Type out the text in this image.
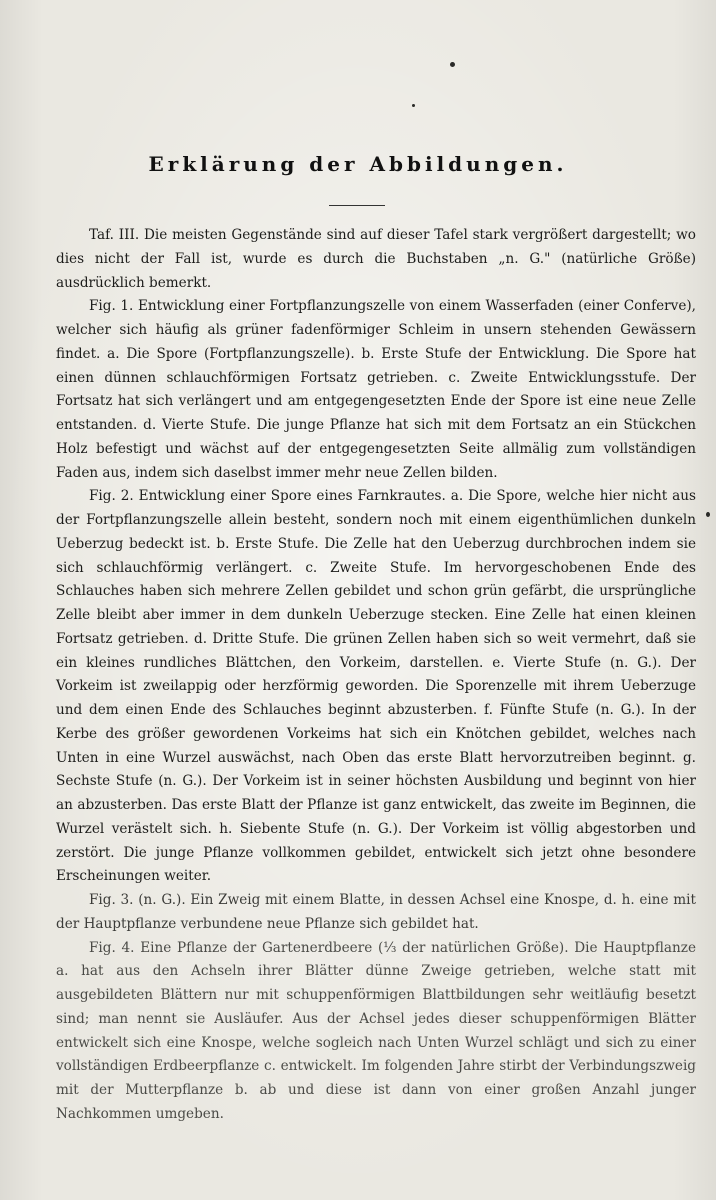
Erklärung der Abbildungen.

Taf. III. Die meisten Gegenstände sind auf dieser Tafel stark vergrößert dargestellt; wo dies nicht der Fall ist, wurde es durch die Buchstaben „n. G." (natürliche Größe) ausdrücklich bemerkt.

Fig. 1. Entwicklung einer Fortpflanzungszelle von einem Wasserfaden (einer Conferve), welcher sich häufig als grüner fadenförmiger Schleim in unsern stehenden Gewässern findet. a. Die Spore (Fortpflanzungszelle). b. Erste Stufe der Entwicklung. Die Spore hat einen dünnen schlauchförmigen Fortsatz getrieben. c. Zweite Entwicklungsstufe. Der Fortsatz hat sich verlängert und am entgegengesetzten Ende der Spore ist eine neue Zelle entstanden. d. Vierte Stufe. Die junge Pflanze hat sich mit dem Fortsatz an ein Stückchen Holz befestigt und wächst auf der entgegengesetzten Seite allmälig zum vollständigen Faden aus, indem sich daselbst immer mehr neue Zellen bilden.

Fig. 2. Entwicklung einer Spore eines Farnkrautes. a. Die Spore, welche hier nicht aus der Fortpflanzungszelle allein besteht, sondern noch mit einem eigenthümlichen dunkeln Ueberzug bedeckt ist. b. Erste Stufe. Die Zelle hat den Ueberzug durchbrochen indem sie sich schlauchförmig verlängert. c. Zweite Stufe. Im hervorgeschobenen Ende des Schlauches haben sich mehrere Zellen gebildet und schon grün gefärbt, die ursprüngliche Zelle bleibt aber immer in dem dunkeln Ueberzuge stecken. Eine Zelle hat einen kleinen Fortsatz getrieben. d. Dritte Stufe. Die grünen Zellen haben sich so weit vermehrt, daß sie ein kleines rundliches Blättchen, den Vorkeim, darstellen. e. Vierte Stufe (n. G.). Der Vorkeim ist zweilappig oder herzförmig geworden. Die Sporenzelle mit ihrem Ueberzuge und dem einen Ende des Schlauches beginnt abzusterben. f. Fünfte Stufe (n. G.). In der Kerbe des größer gewordenen Vorkeims hat sich ein Knötchen gebildet, welches nach Unten in eine Wurzel auswächst, nach Oben das erste Blatt hervorzutreiben beginnt. g. Sechste Stufe (n. G.). Der Vorkeim ist in seiner höchsten Ausbildung und beginnt von hier an abzusterben. Das erste Blatt der Pflanze ist ganz entwickelt, das zweite im Beginnen, die Wurzel verästelt sich. h. Siebente Stufe (n. G.). Der Vorkeim ist völlig abgestorben und zerstört. Die junge Pflanze vollkommen gebildet, entwickelt sich jetzt ohne besondere Erscheinungen weiter.

Fig. 3. (n. G.). Ein Zweig mit einem Blatte, in dessen Achsel eine Knospe, d. h. eine mit der Hauptpflanze verbundene neue Pflanze sich gebildet hat.

Fig. 4. Eine Pflanze der Gartenerdbeere (⅓ der natürlichen Größe). Die Hauptpflanze a. hat aus den Achseln ihrer Blätter dünne Zweige getrieben, welche statt mit ausgebildeten Blättern nur mit schuppenförmigen Blattbildungen sehr weitläufig besetzt sind; man nennt sie Ausläufer. Aus der Achsel jedes dieser schuppenförmigen Blätter entwickelt sich eine Knospe, welche sogleich nach Unten Wurzel schlägt und sich zu einer vollständigen Erdbeerpflanze c. entwickelt. Im folgenden Jahre stirbt der Verbindungszweig mit der Mutterpflanze b. ab und diese ist dann von einer großen Anzahl junger Nachkommen umgeben.
